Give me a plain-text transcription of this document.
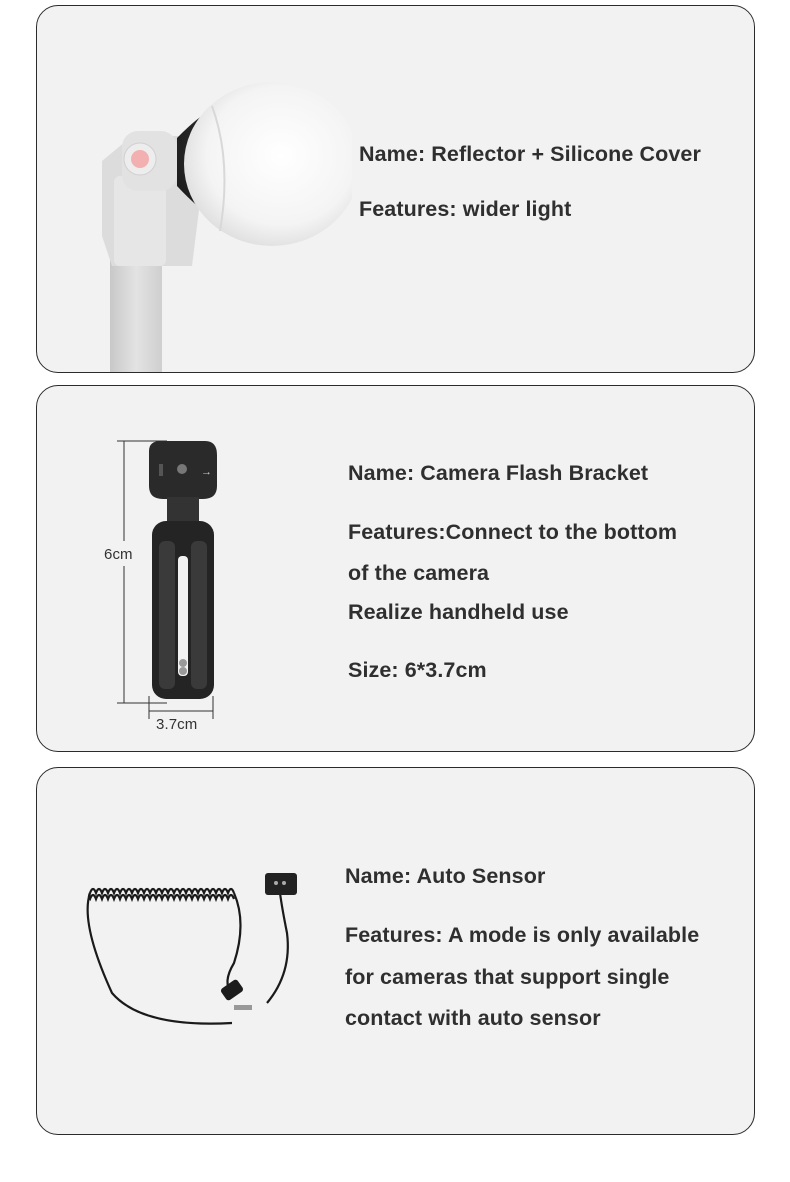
Name: Reflector + Silicone Cover

Features: wider light

→
6cm
3.7cm

Name: Camera Flash Bracket

Features:Connect to the bottom

of the camera

Realize handheld use

Size: 6*3.7cm

Name: Auto Sensor

Features: A mode is only available

for cameras that support single

contact with auto sensor
